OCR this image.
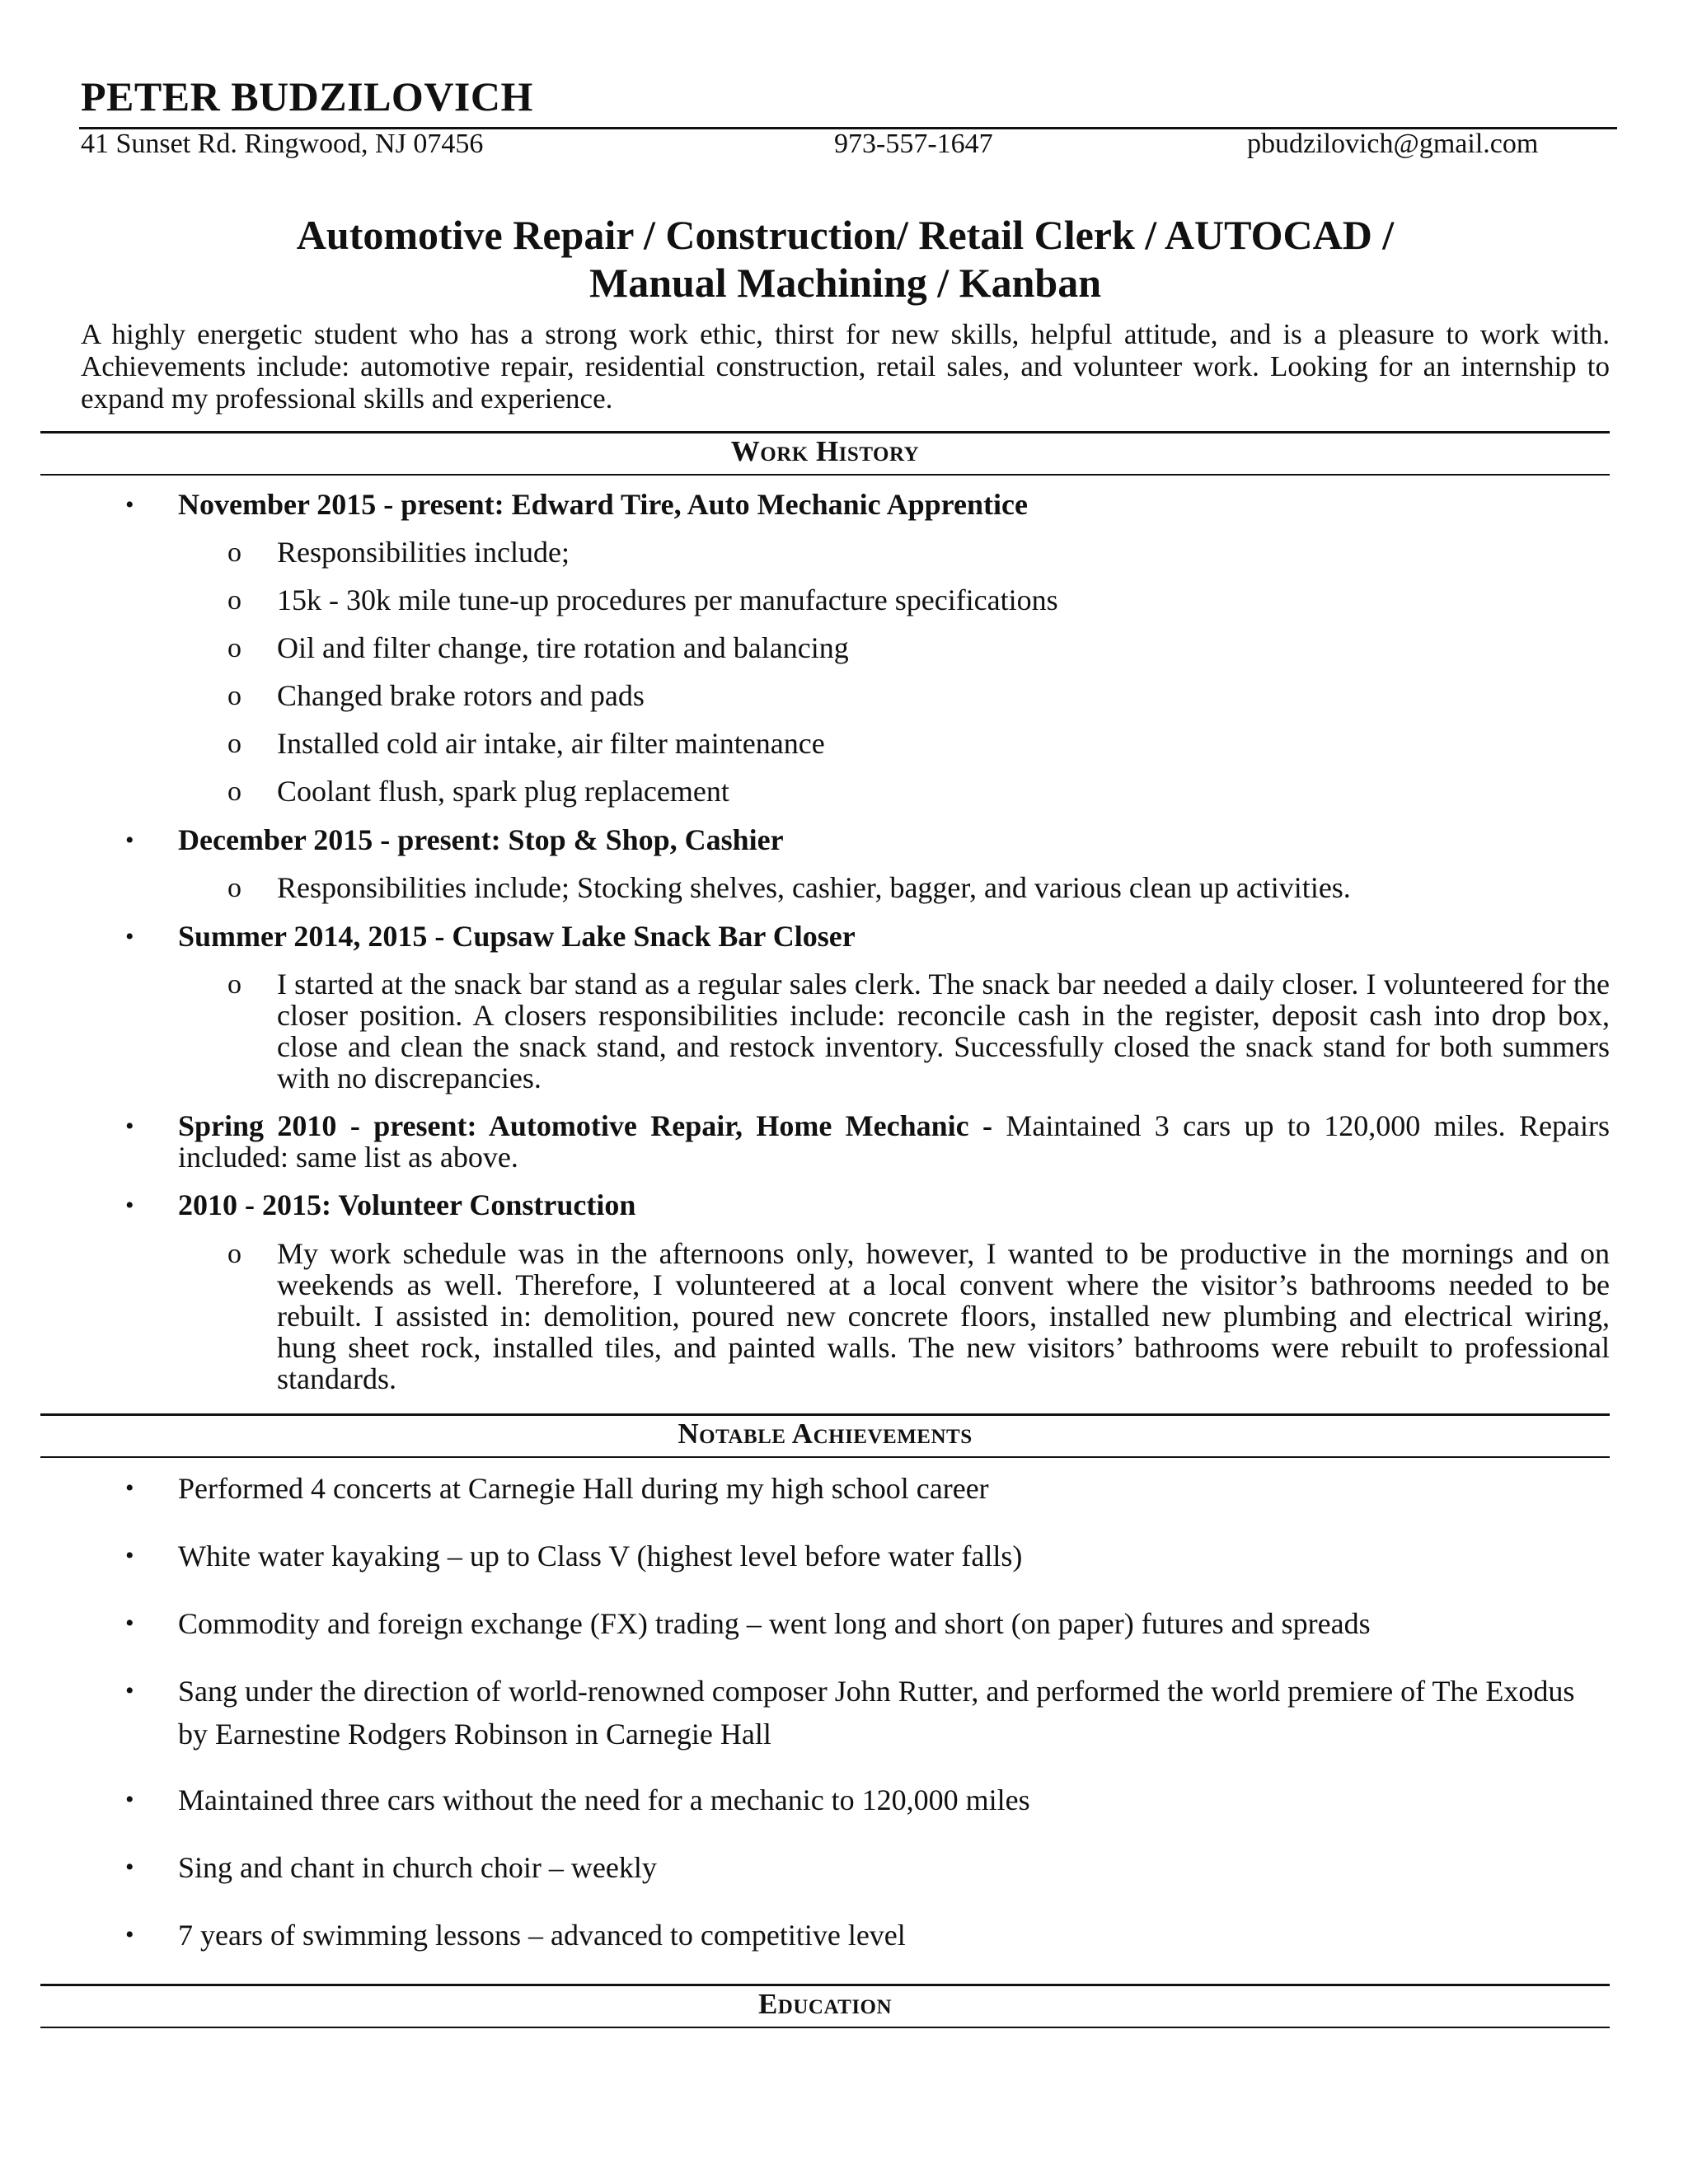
PETER BUDZILOVICH
41 Sunset Rd. Ringwood, NJ 07456	973-557-1647	pbudzilovich@gmail.com
Automotive Repair / Construction/ Retail Clerk / AUTOCAD /
Manual Machining / Kanban
A highly energetic student who has a strong work ethic, thirst for new skills, helpful attitude, and is a pleasure to work with. Achievements include: automotive repair, residential construction, retail sales, and volunteer work. Looking for an internship to expand my professional skills and experience.
Work History
• November 2015 - present: Edward Tire, Auto Mechanic Apprentice
o Responsibilities include;
o 15k - 30k mile tune-up procedures per manufacture specifications
o Oil and filter change, tire rotation and balancing
o Changed brake rotors and pads
o Installed cold air intake, air filter maintenance
o Coolant flush, spark plug replacement
• December 2015 - present: Stop & Shop, Cashier
o Responsibilities include; Stocking shelves, cashier, bagger, and various clean up activities.
• Summer 2014, 2015 - Cupsaw Lake Snack Bar Closer
o I started at the snack bar stand as a regular sales clerk. The snack bar needed a daily closer. I volunteered for the closer position. A closers responsibilities include: reconcile cash in the register, deposit cash into drop box, close and clean the snack stand, and restock inventory. Successfully closed the snack stand for both summers with no discrepancies.
• Spring 2010 - present: Automotive Repair, Home Mechanic - Maintained 3 cars up to 120,000 miles. Repairs included: same list as above.
• 2010 - 2015: Volunteer Construction
o My work schedule was in the afternoons only, however, I wanted to be productive in the mornings and on weekends as well. Therefore, I volunteered at a local convent where the visitor’s bathrooms needed to be rebuilt. I assisted in: demolition, poured new concrete floors, installed new plumbing and electrical wiring, hung sheet rock, installed tiles, and painted walls. The new visitors’ bathrooms were rebuilt to professional standards.
Notable Achievements
• Performed 4 concerts at Carnegie Hall during my high school career
• White water kayaking – up to Class V (highest level before water falls)
• Commodity and foreign exchange (FX) trading – went long and short (on paper) futures and spreads
• Sang under the direction of world-renowned composer John Rutter, and performed the world premiere of The Exodus by Earnestine Rodgers Robinson in Carnegie Hall
• Maintained three cars without the need for a mechanic to 120,000 miles
• Sing and chant in church choir – weekly
• 7 years of swimming lessons – advanced to competitive level
Education
